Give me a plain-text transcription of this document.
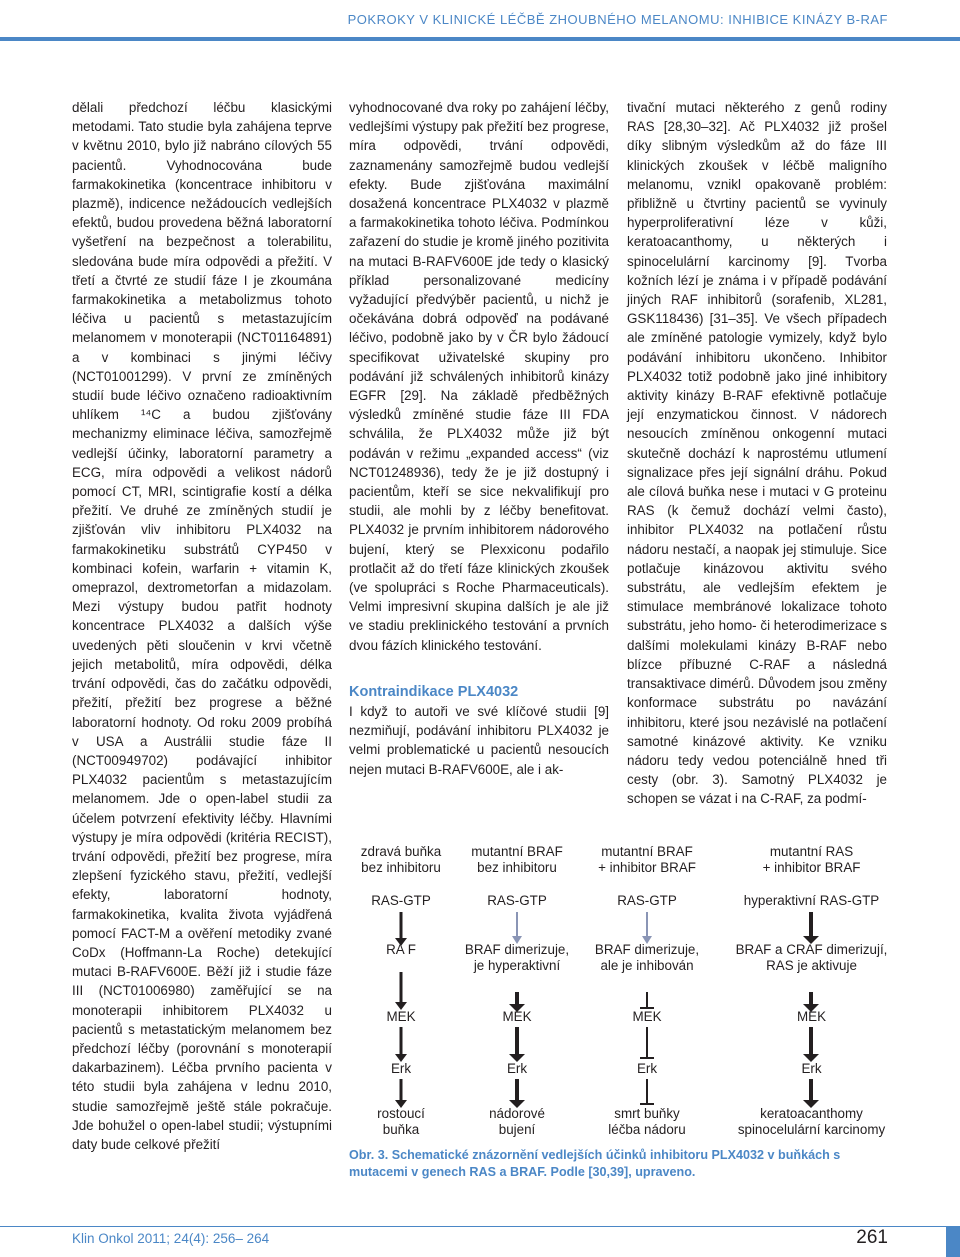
POKROKY V KLINICKÉ LÉČBĚ ZHOUBNÉHO MELANOMU: INHIBICE KINÁZY B-RAF

dělali předchozí léčbu klasickými metodami. Tato studie byla zahájena teprve v květnu 2010, bylo již nabráno cílových 55 pacientů. Vyhodnocována bude farmakokinetika (koncentrace inhibitoru v plazmě), indicence nežádoucích vedlejších efektů, budou provedena běžná laboratorní vyšetření na bezpečnost a tolerabilitu, sledována bude míra odpovědi a přežití. V třetí a čtvrté ze studií fáze I je zkoumána farmakokinetika a metabolizmus tohoto léčiva u pacientů s metastazujícím melanomem v monoterapii (NCT01164891) a v kombinaci s jinými léčivy (NCT01001299). V první ze zmíněných studií bude léčivo označeno radioaktivním uhlíkem ¹⁴C a budou zjišťovány mechanizmy eliminace léčiva, samozřejmě vedlejší účinky, laboratorní parametry a ECG, míra odpovědi a velikost nádorů pomocí CT, MRI, scintigrafie kostí a délka přežití. Ve druhé ze zmíněných studií je zjišťován vliv inhibitoru PLX4032 na farmakokinetiku substrátů CYP450 v kombinaci kofein, warfarin + vitamin K, omeprazol, dextrometorfan a midazolam. Mezi výstupy budou patřit hodnoty koncentrace PLX4032 a dalších výše uvedených pěti sloučenin v krvi včetně jejich metabolitů, míra odpovědi, délka trvání odpovědi, čas do začátku odpovědi, přežití, přežití bez progrese a běžné laboratorní hodnoty. Od roku 2009 probíhá v USA a Austrálii studie fáze II (NCT00949702) podávající inhibitor PLX4032 pacientům s metastazujícím melanomem. Jde o open-label studii za účelem potvrzení efektivity léčby. Hlavními výstupy je míra odpovědi (kritéria RECIST), trvání odpovědi, přežití bez progrese, míra zlepšení fyzického stavu, přežití, vedlejší efekty, laboratorní hodnoty, farmakokinetika, kvalita života vyjádřená pomocí FACT-M a ověření metodiky zvané CoDx (Hoffmann-La Roche) detekující mutaci B-RAFV600E. Běží již i studie fáze III (NCT01006980) zaměřující se na monoterapii inhibitorem PLX4032 u pacientů s metastatickým melanomem bez předchozí léčby (porovnání s monoterapií dakarbazinem). Léčba prvního pacienta v této studii byla zahájena v lednu 2010, studie samozřejmě ještě stále pokračuje. Jde bohužel o open-label studii; výstupními daty bude celkové přežití

vyhodnocované dva roky po zahájení léčby, vedlejšími výstupy pak přežití bez progrese, míra odpovědi, trvání odpovědi, zaznamenány samozřejmě budou vedlejší efekty. Bude zjišťována maximální dosažená koncentrace PLX4032 v plazmě a farmakokinetika tohoto léčiva. Podmínkou zařazení do studie je kromě jiného pozitivita na mutaci B-RAFV600E jde tedy o klasický příklad personalizované medicíny vyžadující předvýběr pacientů, u nichž je očekávána dobrá odpověď na podávané léčivo, podobně jako by v ČR bylo žádoucí specifikovat uživatelské skupiny pro podávání již schválených inhibitorů kinázy EGFR [29]. Na základě předběžných výsledků zmíněné studie fáze III FDA schválila, že PLX4032 může již být podáván v režimu „expanded access“ (viz NCT01248936), tedy že je již dostupný i pacientům, kteří se sice nekvalifikují pro studii, ale mohli by z léčby benefitovat. PLX4032 je prvním inhibitorem nádorového bujení, který se Plexxiconu podařilo protlačit až do třetí fáze klinických zkoušek (ve spolupráci s Roche Pharmaceuticals). Velmi impresivní skupina dalších je ale již ve stadiu preklinického testování a prvních dvou fázích klinického testování.

Kontraindikace PLX4032

I když to autoři ve své klíčové studii [9] nezmiňují, podávání inhibitoru PLX4032 je velmi problematické u pacientů nesoucích nejen mutaci B-RAFV600E, ale i ak-

tivační mutaci některého z genů rodiny RAS [28,30–32]. Ač PLX4032 již prošel díky slibným výsledkům až do fáze III klinických zkoušek v léčbě maligního melanomu, vznikl opakovaně problém: přibližně u čtvrtiny pacientů se vyvinuly hyperproliferativní léze v kůži, keratoacanthomy, u některých i spinocelulární karcinomy [9]. Tvorba kožních lézí je známa i v případě podávání jiných RAF inhibitorů (sorafenib, XL281, GSK118436) [31–35]. Ve všech případech ale zmíněné patologie vymizely, když bylo podávání inhibitoru ukončeno. Inhibitor PLX4032 totiž podobně jako jiné inhibitory aktivity kinázy B-RAF efektivně potlačuje její enzymatickou činnost. V nádorech nesoucích zmíněnou onkogenní mutaci skutečně dochází k naprostému utlumení signalizace přes její signální dráhu. Pokud ale cílová buňka nese i mutaci v G proteinu RAS (k čemuž dochází velmi často), inhibitor PLX4032 na potlačení růstu nádoru nestačí, a naopak jej stimuluje. Sice potlačuje kinázovou aktivitu svého substrátu, ale vedlejším efektem je stimulace membránové lokalizace tohoto substrátu, jeho homo- či heterodimerizace s dalšími molekulami kinázy B-RAF nebo blízce příbuzné C-RAF a následná transaktivace dimérů. Důvodem jsou změny konformace substrátu po navázání inhibitoru, které jsou nezávislé na potlačení samotné kinázové aktivity. Ke vzniku nádoru tedy vedou potenciálně hned tři cesty (obr. 3). Samotný PLX4032 je schopen se vázat i na C-RAF, za podmí-

zdravá buňka
bez inhibitoru
RAS-GTP
RA F
MEK
Erk
rostoucí
buňka
mutantní BRAF
bez inhibitoru
RAS-GTP
BRAF dimerizuje,
je hyperaktivní
MEK
Erk
nádorové
bujení
mutantní BRAF
+ inhibitor BRAF
RAS-GTP
BRAF dimerizuje,
ale je inhibován
MEK
Erk
smrt buňky
léčba nádoru
mutantní RAS
+ inhibitor BRAF
hyperaktivní RAS-GTP
BRAF a CRAF dimerizují,
RAS je aktivuje
MEK
Erk
keratoacanthomy
spinocelulární karcinomy
Obr. 3. Schematické znázornění vedlejších účinků inhibitoru PLX4032 v buňkách s mutacemi v genech RAS a BRAF. Podle [30,39], upraveno.
Klin Onkol 2011; 24(4): 256– 264	261
